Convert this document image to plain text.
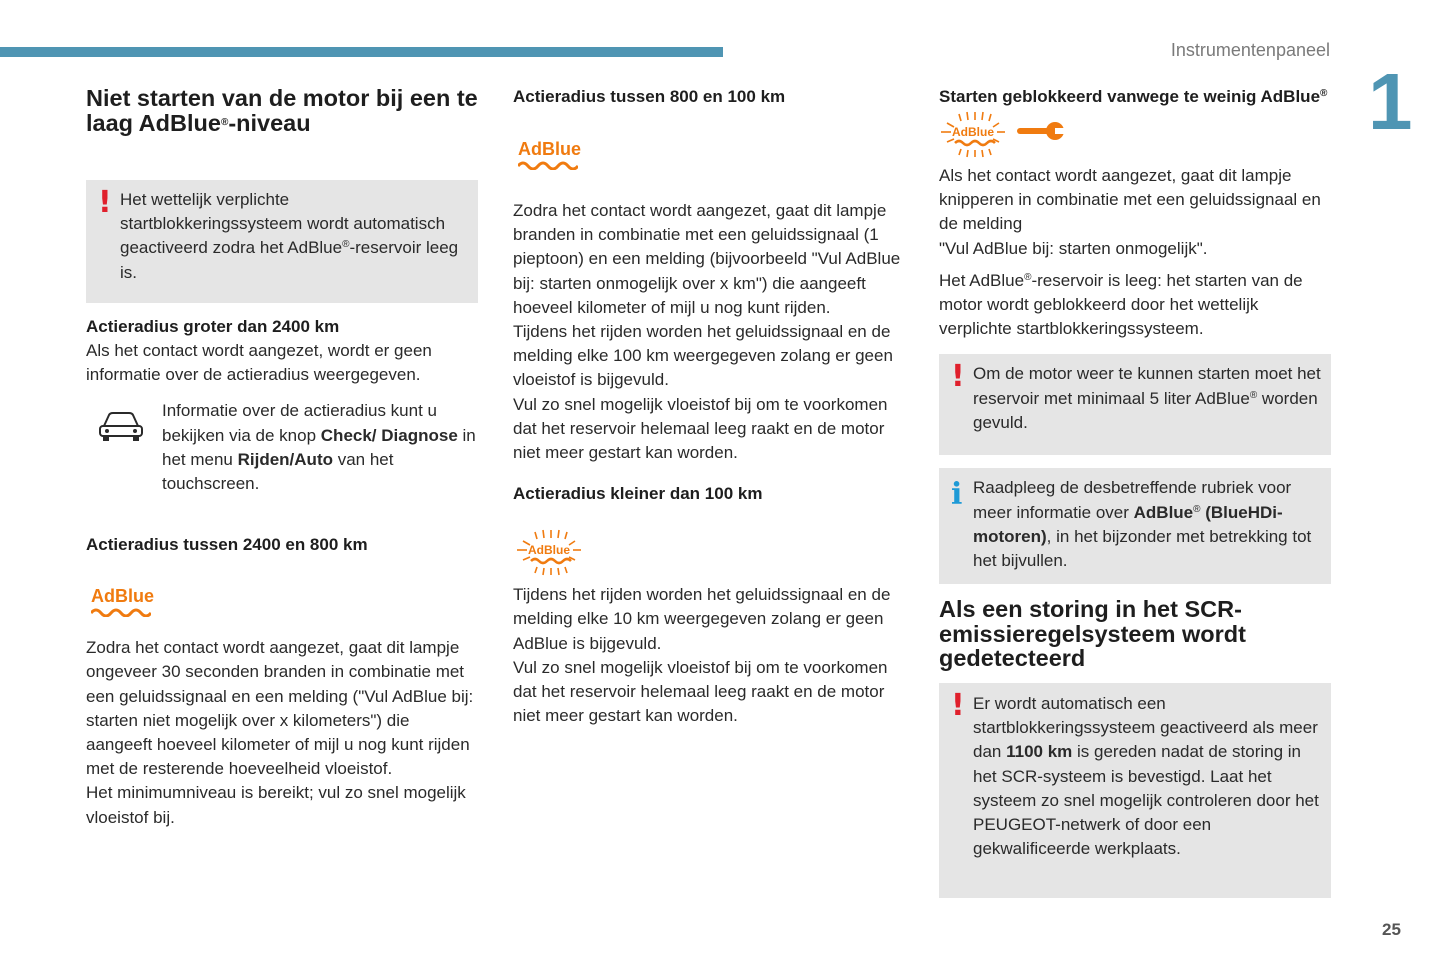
Instrumentenpaneel
1
25
Niet starten van de motor bij een te laag AdBlue®-niveau
! Het wettelijk verplichte startblokkeringssysteem wordt automatisch geactiveerd zodra het AdBlue®-reservoir leeg is.

Actieradius groter dan 2400 km

Als het contact wordt aangezet, wordt er geen informatie over de actieradius weergegeven.

Informatie over de actieradius kunt u bekijken via de knop Check/ Diagnose in het menu Rijden/Auto van het touchscreen.

Actieradius tussen 2400 en 800 km
AdBlue

Zodra het contact wordt aangezet, gaat dit lampje ongeveer 30 seconden branden in combinatie met een geluidssignaal en een melding ("Vul AdBlue bij: starten niet mogelijk over x kilometers") die aangeeft hoeveel kilometer of mijl u nog kunt rijden met de resterende hoeveelheid vloeistof.

Het minimumniveau is bereikt; vul zo snel mogelijk vloeistof bij.

Actieradius tussen 800 en 100 km
AdBlue

Zodra het contact wordt aangezet, gaat dit lampje branden in combinatie met een geluidssignaal (1 pieptoon) en een melding (bijvoorbeeld "Vul AdBlue bij: starten onmogelijk over x km") die aangeeft hoeveel kilometer of mijl u nog kunt rijden.

Tijdens het rijden worden het geluidssignaal en de melding elke 100 km weergegeven zolang er geen vloeistof is bijgevuld.

Vul zo snel mogelijk vloeistof bij om te voorkomen dat het reservoir helemaal leeg raakt en de motor niet meer gestart kan worden.

Actieradius kleiner dan 100 km
AdBlue

Tijdens het rijden worden het geluidssignaal en de melding elke 10 km weergegeven zolang er geen AdBlue is bijgevuld.

Vul zo snel mogelijk vloeistof bij om te voorkomen dat het reservoir helemaal leeg raakt en de motor niet meer gestart kan worden.

Starten geblokkeerd vanwege te weinig AdBlue®
AdBlue

Als het contact wordt aangezet, gaat dit lampje knipperen in combinatie met een geluidssignaal en de melding

"Vul AdBlue bij: starten onmogelijk".

Het AdBlue®-reservoir is leeg: het starten van de motor wordt geblokkeerd door het wettelijk verplichte startblokkeringssysteem.

! Om de motor weer te kunnen starten moet het reservoir met minimaal 5 liter AdBlue® worden gevuld.

i Raadpleeg de desbetreffende rubriek voor meer informatie over AdBlue® (BlueHDi-motoren), in het bijzonder met betrekking tot het bijvullen.

Als een storing in het SCR-emissieregelsysteem wordt gedetecteerd
! Er wordt automatisch een startblokkeringssysteem geactiveerd als meer dan 1100 km is gereden nadat de storing in het SCR-systeem is bevestigd. Laat het systeem zo snel mogelijk controleren door het PEUGEOT-netwerk of door een gekwalificeerde werkplaats.
